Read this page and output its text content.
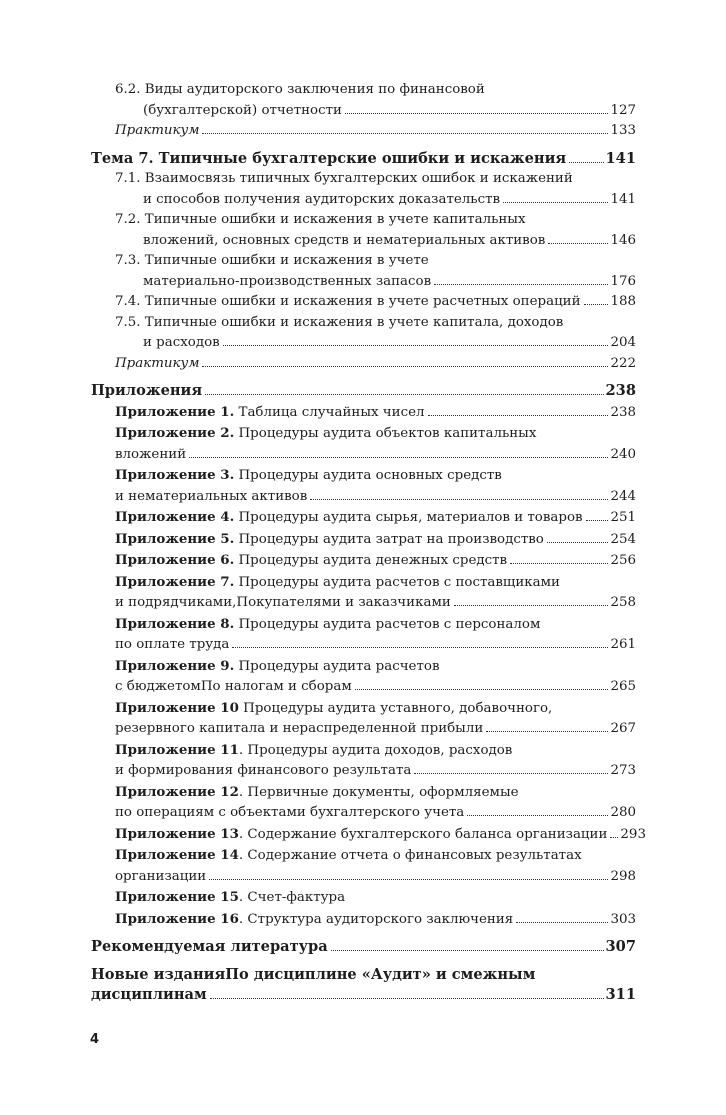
6.2. Виды аудиторского заключения по финансовой
(бухгалтерской) отчетности	127
Практикум	133
Тема 7. Типичные бухгалтерские ошибки и искажения	141
7.1. Взаимосвязь типичных бухгалтерских ошибок и искажений
и способов получения аудиторских доказательств	141
7.2. Типичные ошибки и искажения в учете капитальных
вложений, основных средств и нематериальных активов	146
7.3. Типичные ошибки и искажения в учете
материально-производственных запасов	176
7.4. Типичные ошибки и искажения в учете расчетных операций 188
7.5. Типичные ошибки и искажения в учете капитала, доходов
и расходов	204
Практикум	222
Приложения	238
Приложение 1. Таблица случайных чисел	238
Приложение 2. Процедуры аудита объектов капитальных
вложений	240
Приложение 3. Процедуры аудита основных средств
и нематериальных активов	244
Приложение 4. Процедуры аудита сырья, материалов и товаров 251
Приложение 5. Процедуры аудита затрат на производство	254
Приложение 6. Процедуры аудита денежных средств	256
Приложение 7. Процедуры аудита расчетов с поставщиками
и подрядчиками,Покупателями и заказчиками	258
Приложение 8. Процедуры аудита расчетов с персоналом
по оплате труда	261
Приложение 9. Процедуры аудита расчетов
с бюджетомПо налогам и сборам	265
Приложение 10 Процедуры аудита уставного, добавочного,
резервного капитала и нераспределенной прибыли	267
Приложение 11. Процедуры аудита доходов, расходов
и формирования финансового результата	273
Приложение 12. Первичные документы, оформляемые
по операциям с объектами бухгалтерского учета	280
Приложение 13. Содержание бухгалтерского баланса организации 293
Приложение 14. Содержание отчета о финансовых результатах
организации	298
Приложение 15. Счет-фактура
Приложение 16. Структура аудиторского заключения	303
Рекомендуемая литература	307
Новые изданияПо дисциплине «Аудит» и смежным
дисциплинам	311
4
